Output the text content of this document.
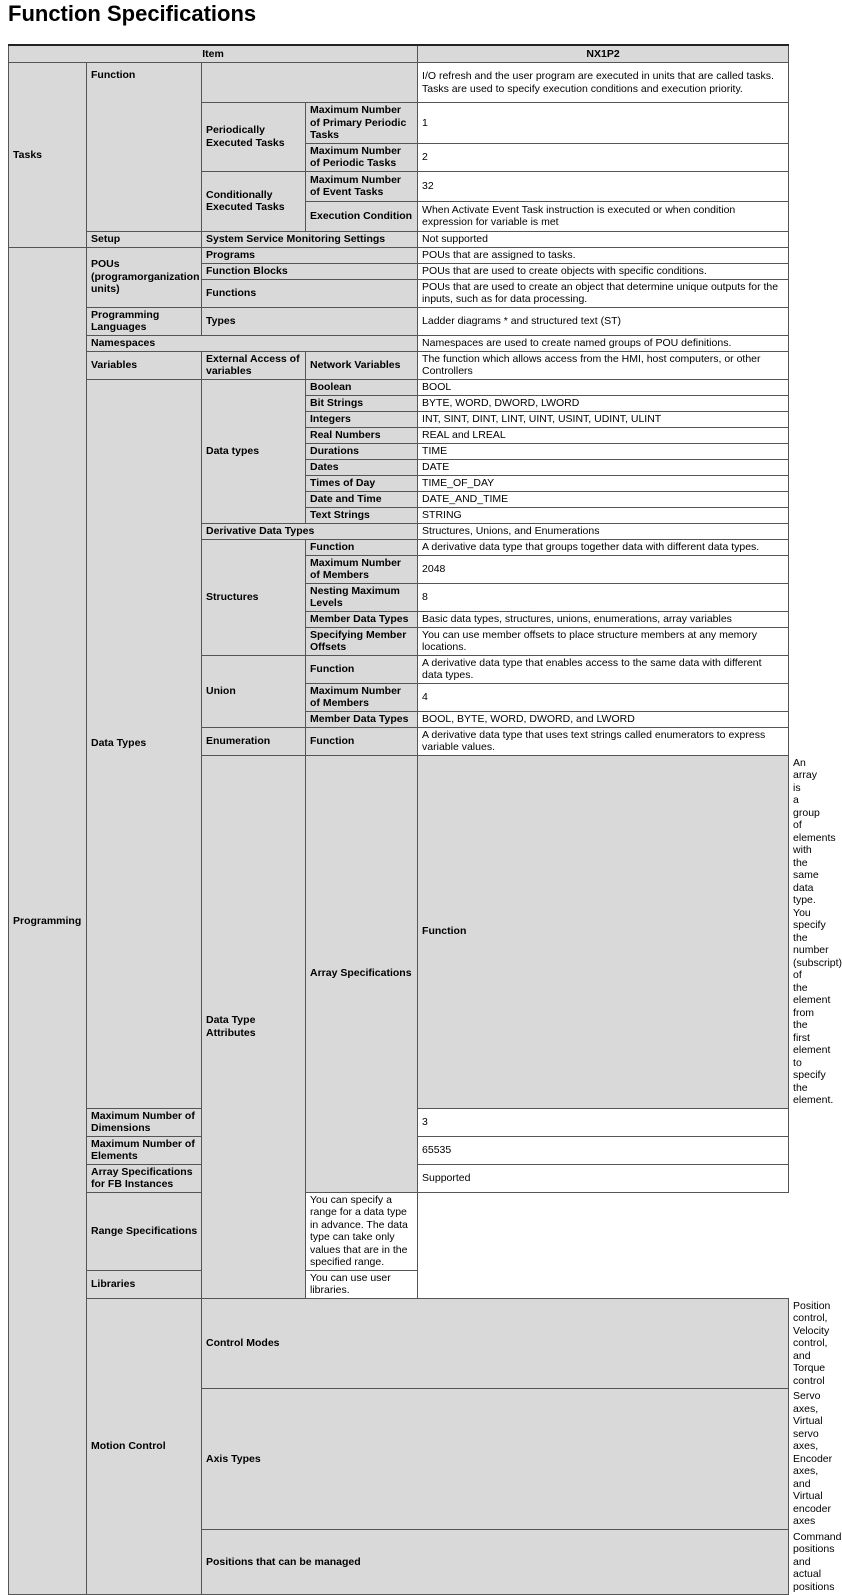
Function Specifications
Item				NX1P2	
Tasks	Function			I/O refresh and the user program are executed in units that are called tasks. Tasks are used to specify execution conditions and execution priority.	
		Periodically Executed Tasks	Maximum Number of Primary Periodic Tasks	1	
			Maximum Number of Periodic Tasks	2	
		Conditionally Executed Tasks	Maximum Number of Event Tasks	32	
			Execution Condition	When Activate Event Task instruction is executed or when condition expression for variable is met	

	Setup	System Service Monitoring Settings		Not supported	
Programming	POUs (programorganization units)	Programs		POUs that are assigned to tasks.	
		Function Blocks		POUs that are used to create objects with specific conditions.	
		Functions		POUs that are used to create an object that determine unique outputs for the inputs, such as for data processing.	
	Programming Languages	Types		Ladder diagrams * and structured text (ST)	
	Namespaces			Namespaces are used to create named groups of POU definitions.	
	Variables	External Access of variables	Network Variables	The function which allows access from the HMI, host computers, or other Controllers	
	Data Types	Data types	Boolean	BOOL	
			Bit Strings	BYTE, WORD, DWORD, LWORD	
			Integers	INT, SINT, DINT, LINT, UINT, USINT, UDINT, ULINT	
			Real Numbers	REAL and LREAL	
			Durations	TIME	
			Dates	DATE	
			Times of Day	TIME_OF_DAY	
			Date and Time	DATE_AND_TIME	
			Text Strings	STRING	
		Derivative Data Types		Structures, Unions, and Enumerations	
		Structures	Function	A derivative data type that groups together data with different data types.	
			Maximum Number of Members	2048	
			Nesting Maximum Levels	8	
			Member Data Types	Basic data types, structures, unions, enumerations, array variables	
			Specifying Member Offsets	You can use member offsets to place structure members at any memory locations.	
		Union	Function	A derivative data type that enables access to the same data with different data types.	
			Maximum Number of Members	4	
			Member Data Types	BOOL, BYTE, WORD, DWORD, and LWORD	
		Enumeration	Function	A derivative data type that uses text strings called enumerators to express variable values.	
		Data Type Attributes	Array Specifications	Function	An array is a group of elements with the same data type. You specify the number (subscript) of the element from the first element to specify the element.
	Maximum Number of Dimensions			3	
	Maximum Number of Elements			65535	
	Array Specifications for FB Instances			Supported	
	Range Specifications		You can specify a range for a data type in advance. The data type can take only values that are in the specified range.		
	Libraries		You can use user libraries.		
	Motion Control	Control Modes			Position control, Velocity control, and Torque control
		Axis Types			Servo axes, Virtual servo axes, Encoder axes, and Virtual encoder axes
		Positions that can be managed			Command positions and actual positions
